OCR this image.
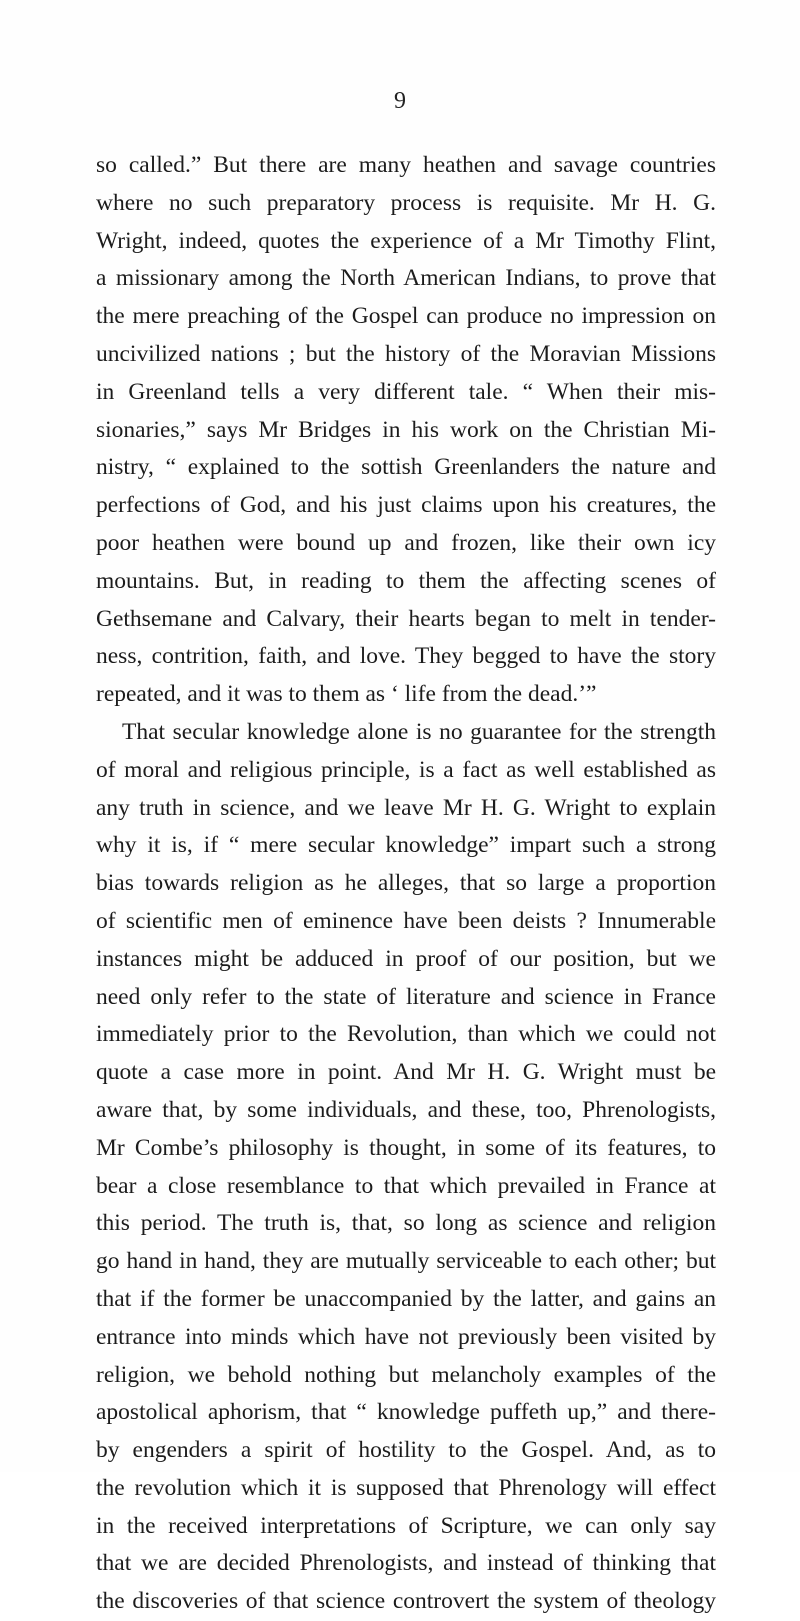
9
so called.” But there are many heathen and savage countries
where no such preparatory process is requisite. Mr H. G.
Wright, indeed, quotes the experience of a Mr Timothy Flint,
a missionary among the North American Indians, to prove that
the mere preaching of the Gospel can produce no impression on
uncivilized nations ; but the history of the Moravian Missions
in Greenland tells a very different tale. “ When their mis-
sionaries,” says Mr Bridges in his work on the Christian Mi-
nistry, “ explained to the sottish Greenlanders the nature and
perfections of God, and his just claims upon his creatures, the
poor heathen were bound up and frozen, like their own icy
mountains. But, in reading to them the affecting scenes of
Gethsemane and Calvary, their hearts began to melt in tender-
ness, contrition, faith, and love. They begged to have the story
repeated, and it was to them as ‘ life from the dead.’”
That secular knowledge alone is no guarantee for the strength
of moral and religious principle, is a fact as well established as
any truth in science, and we leave Mr H. G. Wright to explain
why it is, if “ mere secular knowledge” impart such a strong
bias towards religion as he alleges, that so large a proportion
of scientific men of eminence have been deists ? Innumerable
instances might be adduced in proof of our position, but we
need only refer to the state of literature and science in France
immediately prior to the Revolution, than which we could not
quote a case more in point. And Mr H. G. Wright must be
aware that, by some individuals, and these, too, Phrenologists,
Mr Combe’s philosophy is thought, in some of its features, to
bear a close resemblance to that which prevailed in France at
this period. The truth is, that, so long as science and religion
go hand in hand, they are mutually serviceable to each other; but
that if the former be unaccompanied by the latter, and gains an
entrance into minds which have not previously been visited by
religion, we behold nothing but melancholy examples of the
apostolical aphorism, that “ knowledge puffeth up,” and there-
by engenders a spirit of hostility to the Gospel. And, as to
the revolution which it is supposed that Phrenology will effect
in the received interpretations of Scripture, we can only say
that we are decided Phrenologists, and instead of thinking that
the discoveries of that science controvert the system of theology
